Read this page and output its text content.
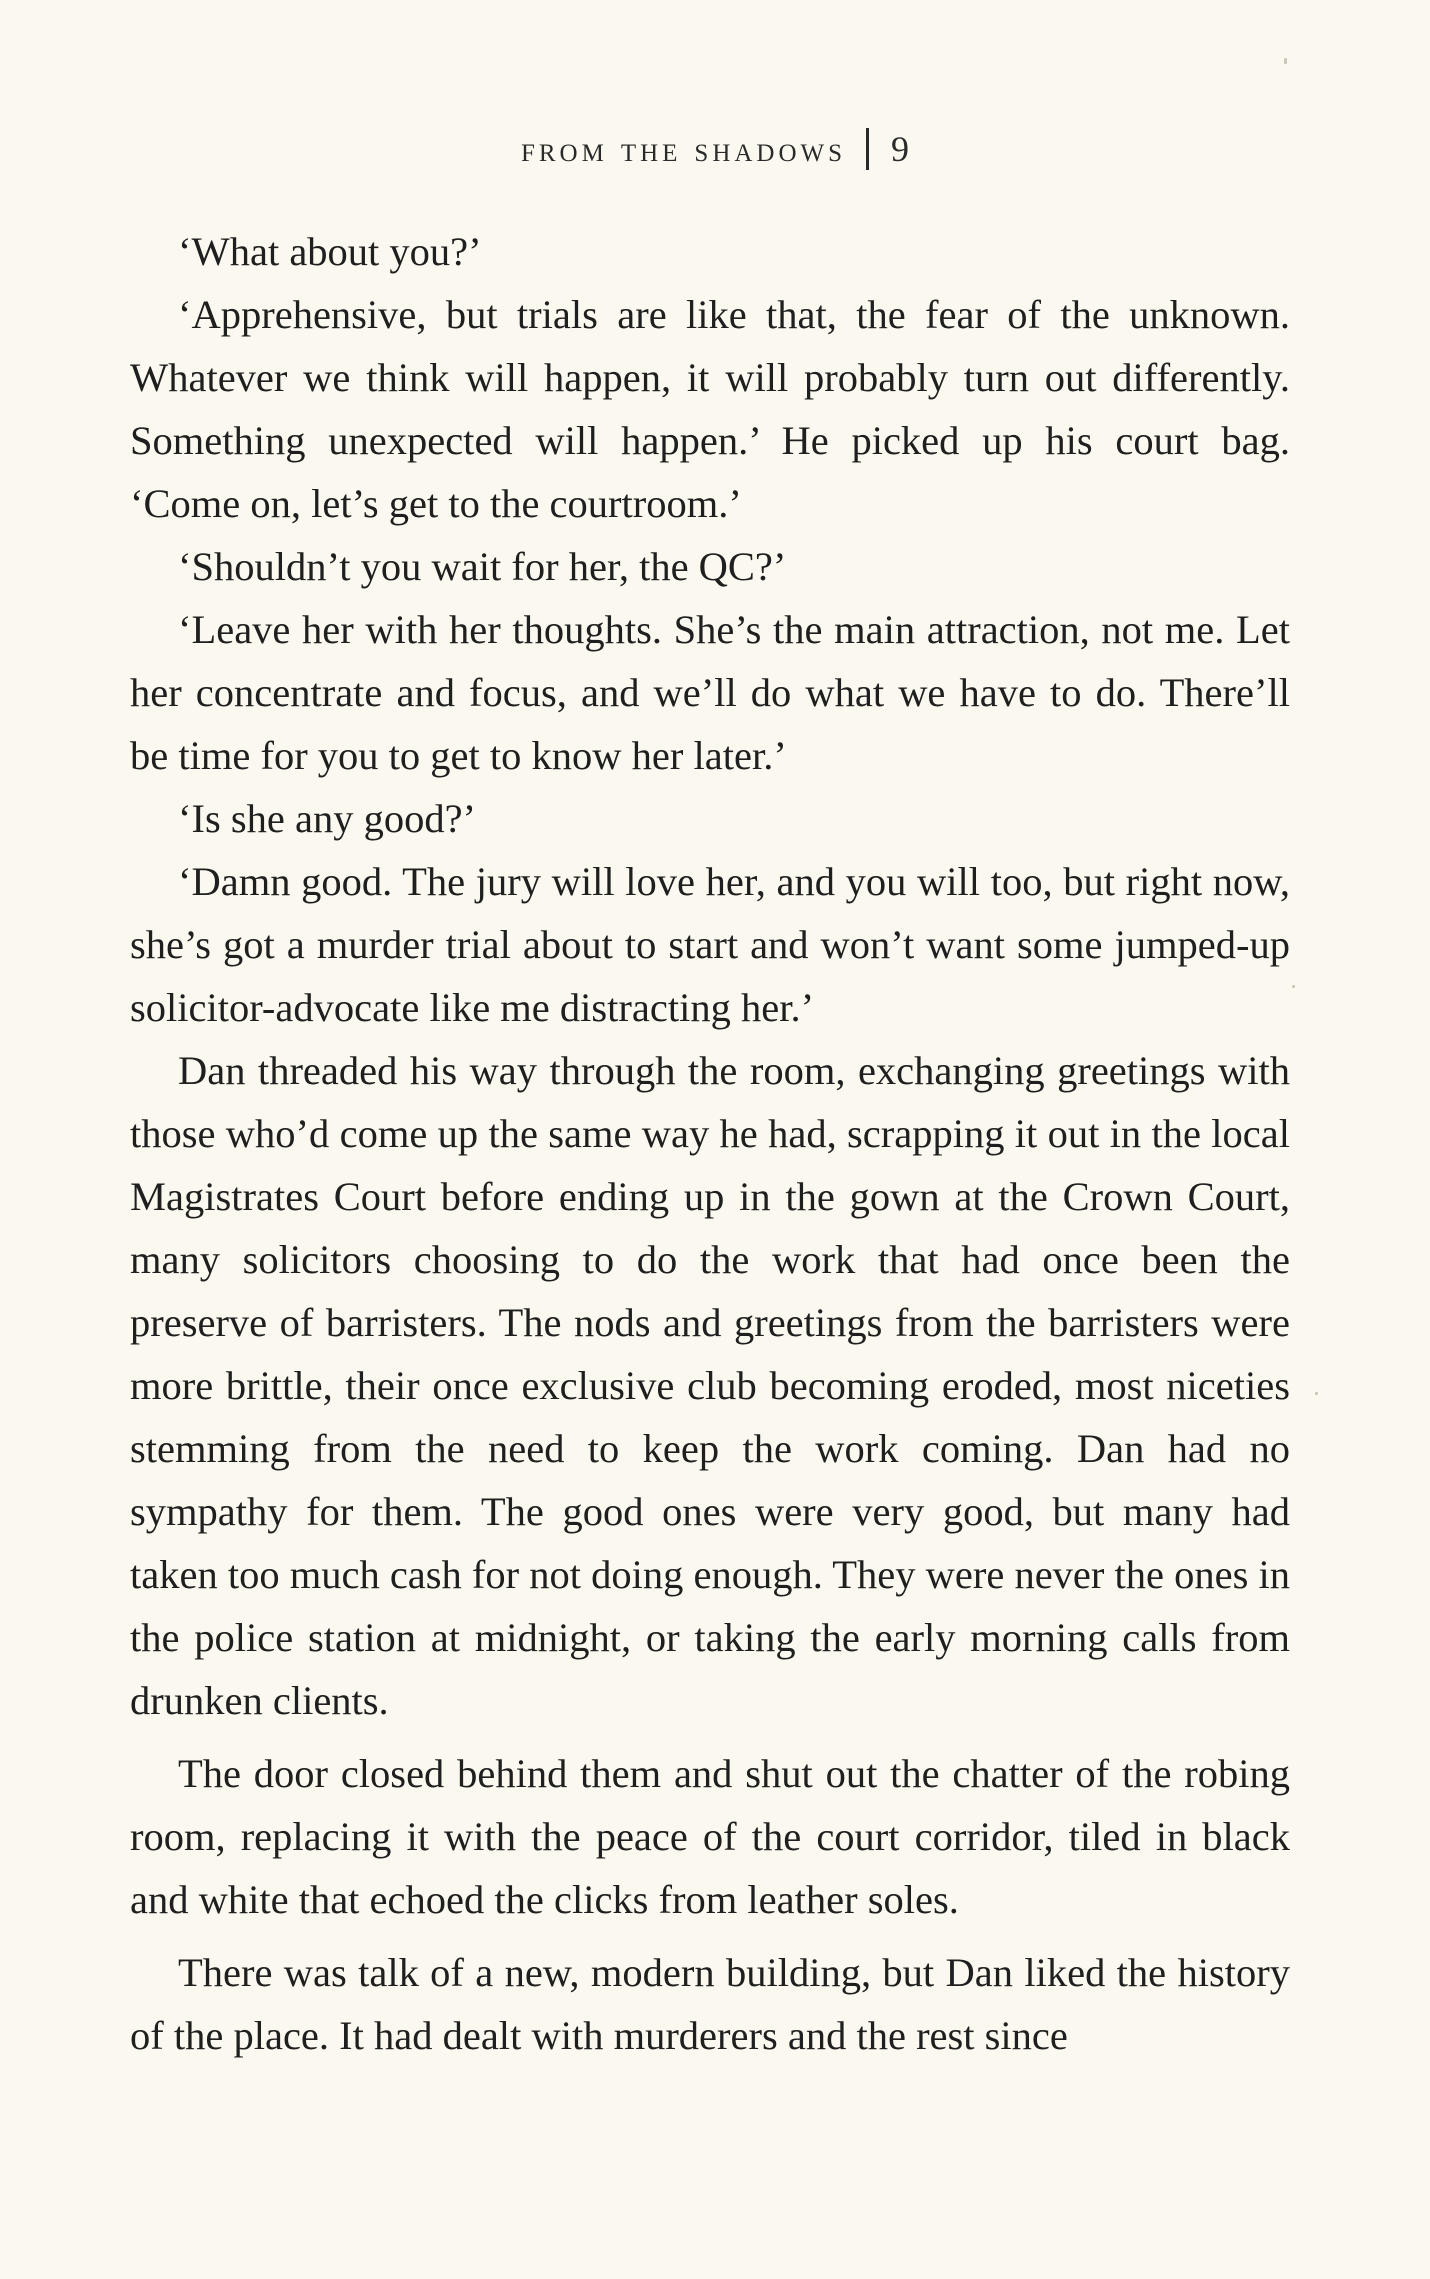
from the shadows 9

‘What about you?’

‘Apprehensive, but trials are like that, the fear of the unknown. Whatever we think will happen, it will probably turn out differently. Something unexpected will happen.’ He picked up his court bag. ‘Come on, let’s get to the courtroom.’

‘Shouldn’t you wait for her, the QC?’

‘Leave her with her thoughts. She’s the main attraction, not me. Let her concentrate and focus, and we’ll do what we have to do. There’ll be time for you to get to know her later.’

‘Is she any good?’

‘Damn good. The jury will love her, and you will too, but right now, she’s got a murder trial about to start and won’t want some jumped-up solicitor-advocate like me distracting her.’

Dan threaded his way through the room, exchanging greetings with those who’d come up the same way he had, scrapping it out in the local Magistrates Court before ending up in the gown at the Crown Court, many solicitors choosing to do the work that had once been the preserve of barristers. The nods and greetings from the barristers were more brittle, their once exclusive club becoming eroded, most niceties stemming from the need to keep the work coming. Dan had no sympathy for them. The good ones were very good, but many had taken too much cash for not doing enough. They were never the ones in the police station at midnight, or taking the early morning calls from drunken clients.

The door closed behind them and shut out the chatter of the robing room, replacing it with the peace of the court corridor, tiled in black and white that echoed the clicks from leather soles.

There was talk of a new, modern building, but Dan liked the history of the place. It had dealt with murderers and the rest since
